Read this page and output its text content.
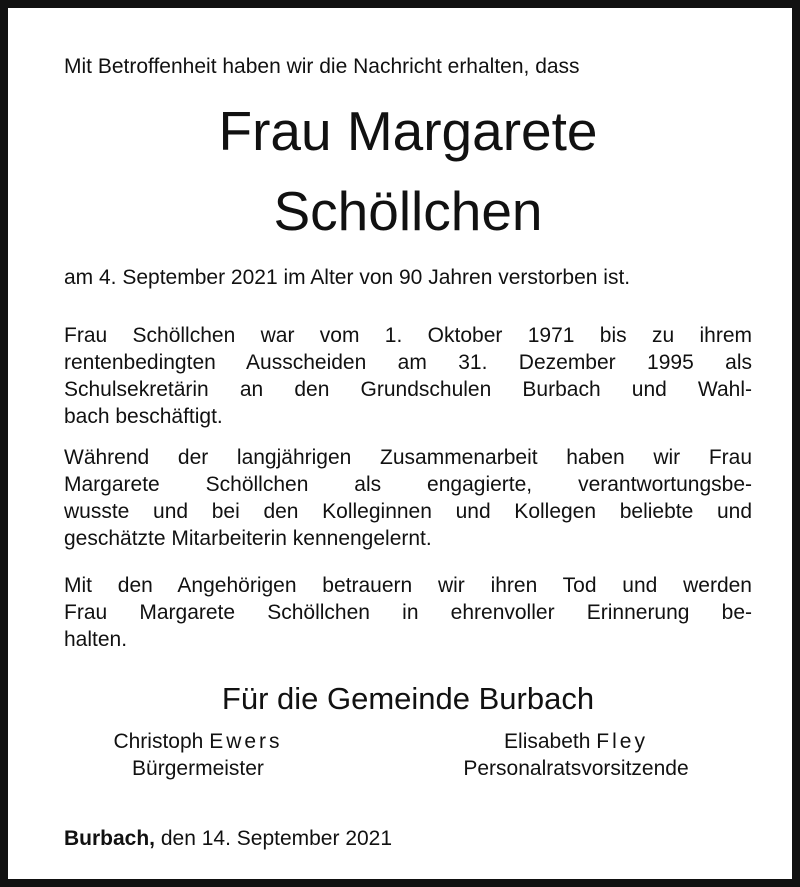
Mit Betroffenheit haben wir die Nachricht erhalten, dass
Frau Margarete
Schöllchen
am 4. September 2021 im Alter von 90 Jahren verstorben ist.
Frau Schöllchen war vom 1. Oktober 1971 bis zu ihrem
rentenbedingten Ausscheiden am 31. Dezember 1995 als
Schulsekretärin an den Grundschulen Burbach und Wahl-
bach beschäftigt.
Während der langjährigen Zusammenarbeit haben wir Frau
Margarete Schöllchen als engagierte, verantwortungsbe-
wusste und bei den Kolleginnen und Kollegen beliebte und
geschätzte Mitarbeiterin kennengelernt.
Mit den Angehörigen betrauern wir ihren Tod und werden
Frau Margarete Schöllchen in ehrenvoller Erinnerung be-
halten.
Für die Gemeinde Burbach
Christoph Ewers
Bürgermeister
Elisabeth Fley
Personalratsvorsitzende
Burbach, den 14. September 2021
